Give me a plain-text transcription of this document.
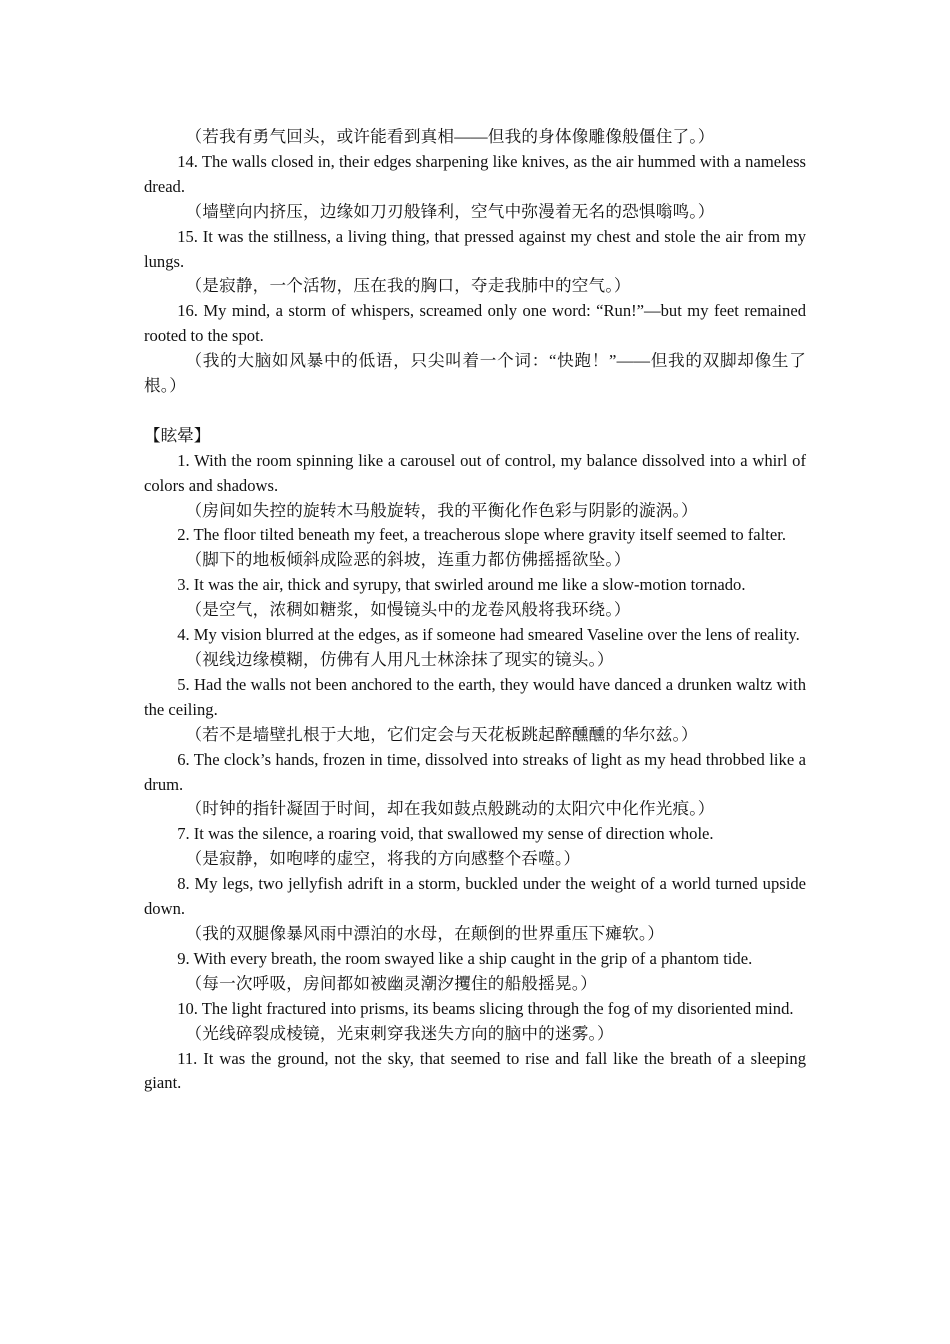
（若我有勇气回头，或许能看到真相——但我的身体像雕像般僵住了。）

14. The walls closed in, their edges sharpening like knives, as the air hummed with a nameless dread.

（墙壁向内挤压，边缘如刀刃般锋利，空气中弥漫着无名的恐惧嗡鸣。）

15. It was the stillness, a living thing, that pressed against my chest and stole the air from my lungs.

（是寂静，一个活物，压在我的胸口，夺走我肺中的空气。）

16. My mind, a storm of whispers, screamed only one word: “Run!”—but my feet remained rooted to the spot.

（我的大脑如风暴中的低语，只尖叫着一个词：“快跑！”——但我的双脚却像生了根。）

【眩晕】

1. With the room spinning like a carousel out of control, my balance dissolved into a whirl of colors and shadows.

（房间如失控的旋转木马般旋转，我的平衡化作色彩与阴影的漩涡。）

2. The floor tilted beneath my feet, a treacherous slope where gravity itself seemed to falter.

（脚下的地板倾斜成险恶的斜坡，连重力都仿佛摇摇欲坠。）

3. It was the air, thick and syrupy, that swirled around me like a slow-motion tornado.

（是空气，浓稠如糖浆，如慢镜头中的龙卷风般将我环绕。）

4. My vision blurred at the edges, as if someone had smeared Vaseline over the lens of reality.

（视线边缘模糊，仿佛有人用凡士林涂抹了现实的镜头。）

5. Had the walls not been anchored to the earth, they would have danced a drunken waltz with the ceiling.

（若不是墙壁扎根于大地，它们定会与天花板跳起醉醺醺的华尔兹。）

6. The clock’s hands, frozen in time, dissolved into streaks of light as my head throbbed like a drum.

（时钟的指针凝固于时间，却在我如鼓点般跳动的太阳穴中化作光痕。）

7. It was the silence, a roaring void, that swallowed my sense of direction whole.

（是寂静，如咆哮的虚空，将我的方向感整个吞噬。）

8. My legs, two jellyfish adrift in a storm, buckled under the weight of a world turned upside down.

（我的双腿像暴风雨中漂泊的水母，在颠倒的世界重压下瘫软。）

9. With every breath, the room swayed like a ship caught in the grip of a phantom tide.

（每一次呼吸，房间都如被幽灵潮汐攫住的船般摇晃。）

10. The light fractured into prisms, its beams slicing through the fog of my disoriented mind.

（光线碎裂成棱镜，光束刺穿我迷失方向的脑中的迷雾。）

11. It was the ground, not the sky, that seemed to rise and fall like the breath of a sleeping giant.
